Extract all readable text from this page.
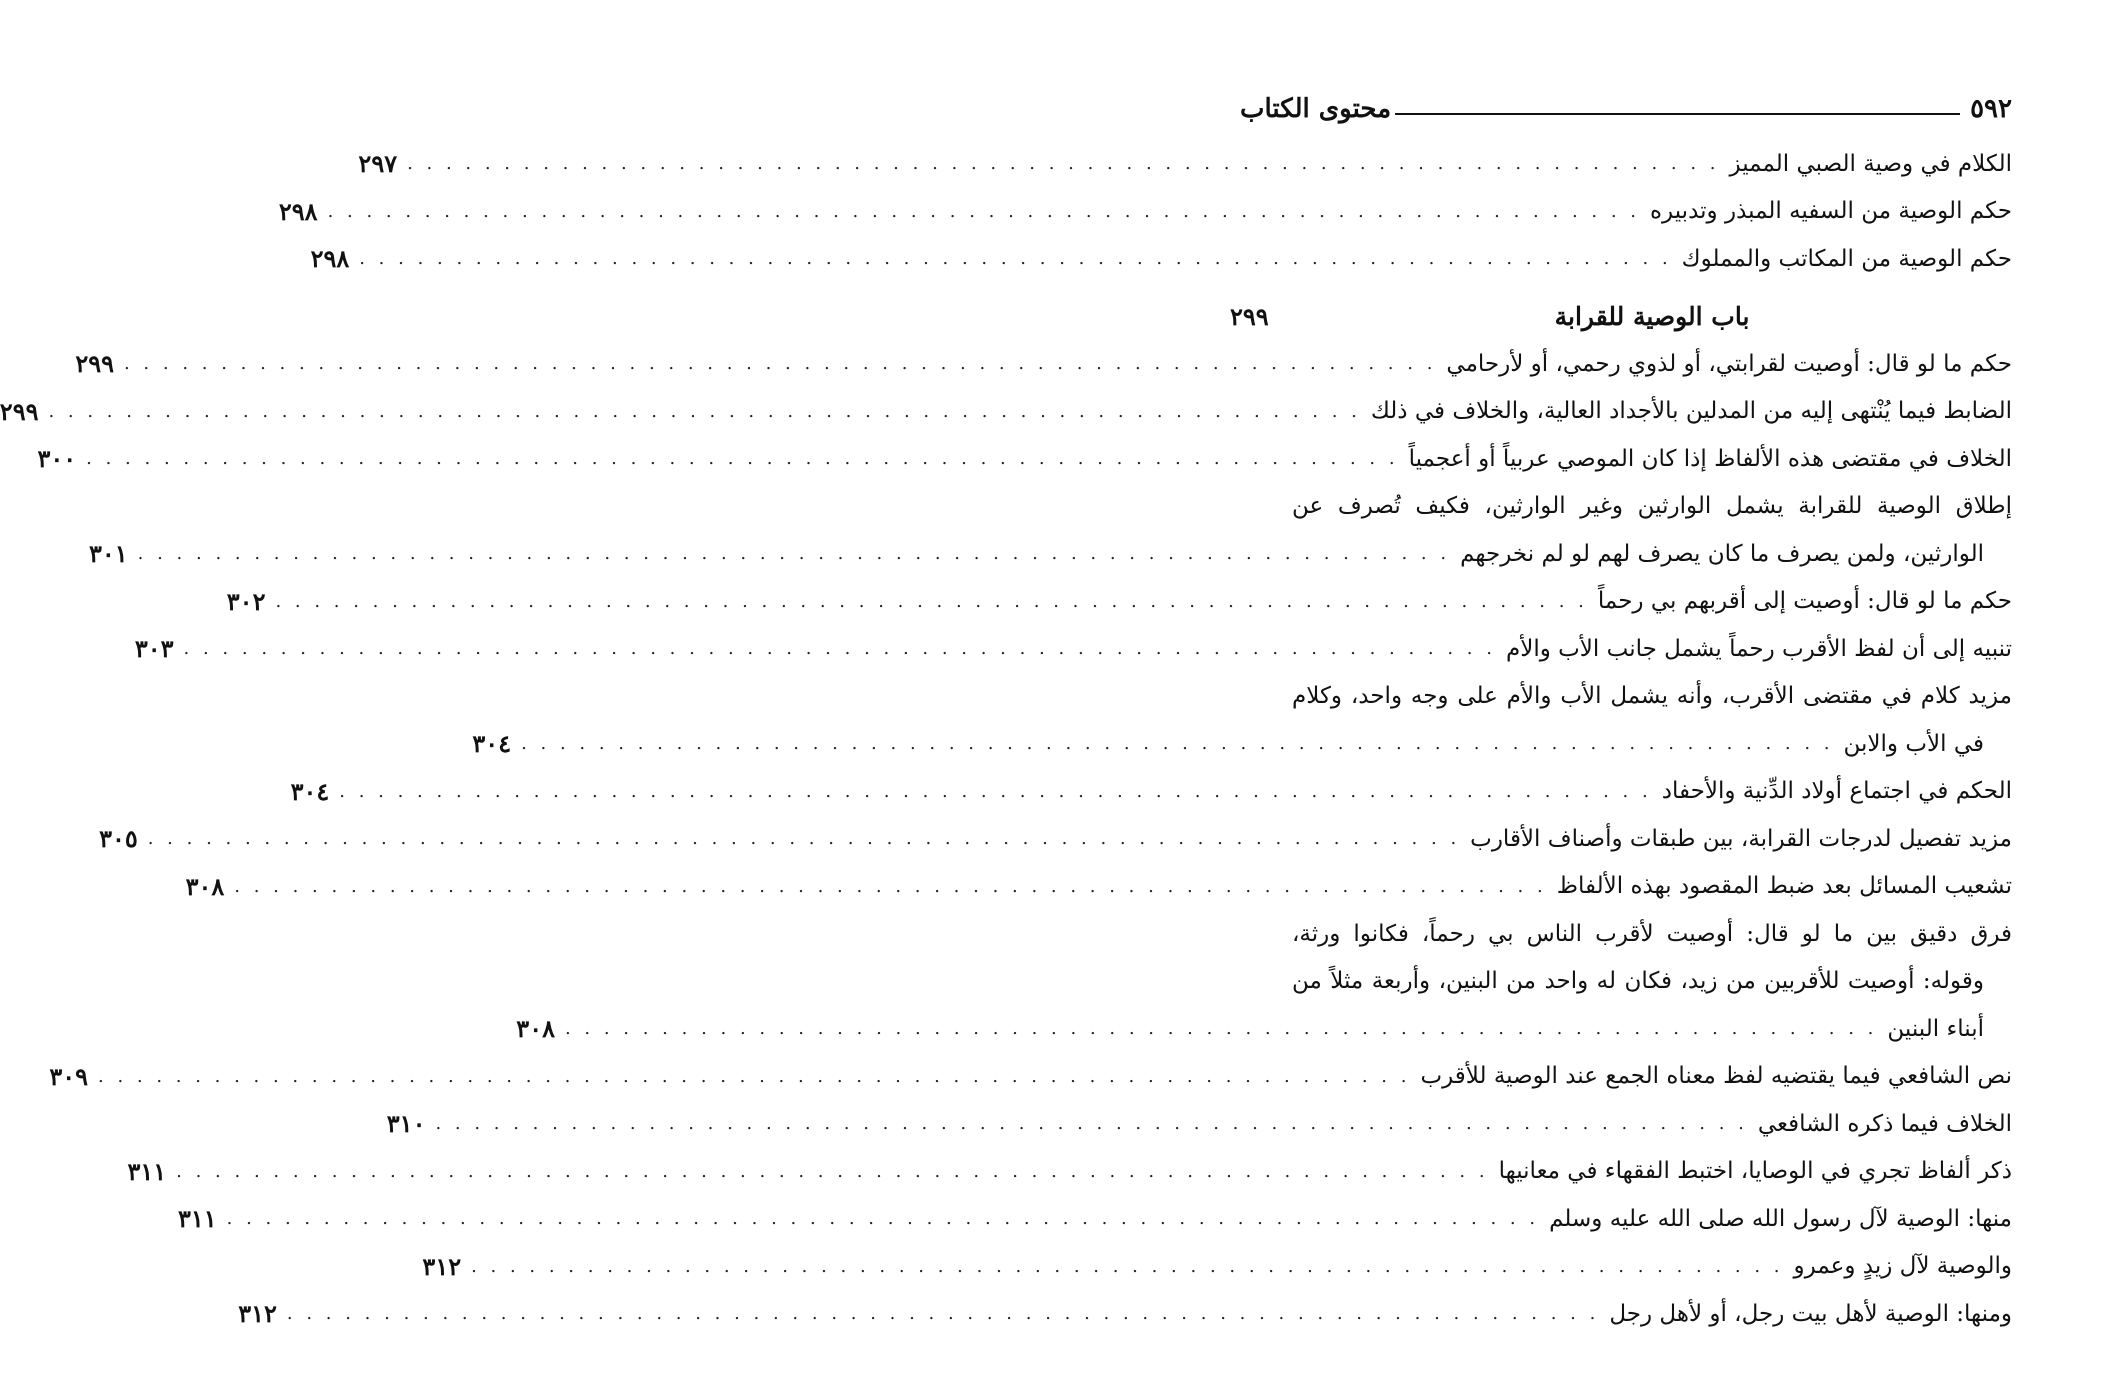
٥٩٢
محتوى الكتاب
الكلام في وصية الصبي المميز
. . . . . . . . . . . . . . . . . . . . . . . . . . . . . . . . . . . . . . . . . . . . . . . . . . . . . . . . . . . . . . . . . . . .
٢٩٧
حكم الوصية من السفيه المبذر وتدبيره
. . . . . . . . . . . . . . . . . . . . . . . . . . . . . . . . . . . . . . . . . . . . . . . . . . . . . . . . . . . . . . . . . . . .
٢٩٨
حكم الوصية من المكاتب والمملوك
. . . . . . . . . . . . . . . . . . . . . . . . . . . . . . . . . . . . . . . . . . . . . . . . . . . . . . . . . . . . . . . . . . . .
٢٩٨
باب الوصية للقرابة
٢٩٩
حكم ما لو قال: أوصيت لقرابتي، أو لذوي رحمي، أو لأرحامي
. . . . . . . . . . . . . . . . . . . . . . . . . . . . . . . . . . . . . . . . . . . . . . . . . . . . . . . . . . . . . . . . . . . .
٢٩٩
الضابط فيما يُنْتهى إليه من المدلين بالأجداد العالية، والخلاف في ذلك
. . . . . . . . . . . . . . . . . . . . . . . . . . . . . . . . . . . . . . . . . . . . . . . . . . . . . . . . . . . . . . . . . . . .
٢٩٩
الخلاف في مقتضى هذه الألفاظ إذا كان الموصي عربياً أو أعجمياً
. . . . . . . . . . . . . . . . . . . . . . . . . . . . . . . . . . . . . . . . . . . . . . . . . . . . . . . . . . . . . . . . . . . .
٣٠٠
إطلاق الوصية للقرابة يشمل الوارثين وغير الوارثين، فكيف تُصرف عن
الوارثين، ولمن يصرف ما كان يصرف لهم لو لم نخرجهم
. . . . . . . . . . . . . . . . . . . . . . . . . . . . . . . . . . . . . . . . . . . . . . . . . . . . . . . . . . . . . . . . . . . .
٣٠١
حكم ما لو قال: أوصيت إلى أقربهم بي رحماً
. . . . . . . . . . . . . . . . . . . . . . . . . . . . . . . . . . . . . . . . . . . . . . . . . . . . . . . . . . . . . . . . . . . .
٣٠٢
تنبيه إلى أن لفظ الأقرب رحماً يشمل جانب الأب والأم
. . . . . . . . . . . . . . . . . . . . . . . . . . . . . . . . . . . . . . . . . . . . . . . . . . . . . . . . . . . . . . . . . . . .
٣٠٣
مزيد كلام في مقتضى الأقرب، وأنه يشمل الأب والأم على وجه واحد، وكلام
في الأب والابن
. . . . . . . . . . . . . . . . . . . . . . . . . . . . . . . . . . . . . . . . . . . . . . . . . . . . . . . . . . . . . . . . . . . .
٣٠٤
الحكم في اجتماع أولاد الدِّنية والأحفاد
. . . . . . . . . . . . . . . . . . . . . . . . . . . . . . . . . . . . . . . . . . . . . . . . . . . . . . . . . . . . . . . . . . . .
٣٠٤
مزيد تفصيل لدرجات القرابة، بين طبقات وأصناف الأقارب
. . . . . . . . . . . . . . . . . . . . . . . . . . . . . . . . . . . . . . . . . . . . . . . . . . . . . . . . . . . . . . . . . . . .
٣٠٥
تشعيب المسائل بعد ضبط المقصود بهذه الألفاظ
. . . . . . . . . . . . . . . . . . . . . . . . . . . . . . . . . . . . . . . . . . . . . . . . . . . . . . . . . . . . . . . . . . . .
٣٠٨
فرق دقيق بين ما لو قال: أوصيت لأقرب الناس بي رحماً، فكانوا ورثة،
وقوله: أوصيت للأقربين من زيد، فكان له واحد من البنين، وأربعة مثلاً من
أبناء البنين
. . . . . . . . . . . . . . . . . . . . . . . . . . . . . . . . . . . . . . . . . . . . . . . . . . . . . . . . . . . . . . . . . . . .
٣٠٨
نص الشافعي فيما يقتضيه لفظ معناه الجمع عند الوصية للأقرب
. . . . . . . . . . . . . . . . . . . . . . . . . . . . . . . . . . . . . . . . . . . . . . . . . . . . . . . . . . . . . . . . . . . .
٣٠٩
الخلاف فيما ذكره الشافعي
. . . . . . . . . . . . . . . . . . . . . . . . . . . . . . . . . . . . . . . . . . . . . . . . . . . . . . . . . . . . . . . . . . . .
٣١٠
ذكر ألفاظ تجري في الوصايا، اختبط الفقهاء في معانيها
. . . . . . . . . . . . . . . . . . . . . . . . . . . . . . . . . . . . . . . . . . . . . . . . . . . . . . . . . . . . . . . . . . . .
٣١١
منها: الوصية لآل رسول الله صلى الله عليه وسلم
. . . . . . . . . . . . . . . . . . . . . . . . . . . . . . . . . . . . . . . . . . . . . . . . . . . . . . . . . . . . . . . . . . . .
٣١١
والوصية لآل زيدٍ وعمرو
. . . . . . . . . . . . . . . . . . . . . . . . . . . . . . . . . . . . . . . . . . . . . . . . . . . . . . . . . . . . . . . . . . . .
٣١٢
ومنها: الوصية لأهل بيت رجل، أو لأهل رجل
. . . . . . . . . . . . . . . . . . . . . . . . . . . . . . . . . . . . . . . . . . . . . . . . . . . . . . . . . . . . . . . . . . . .
٣١٢
